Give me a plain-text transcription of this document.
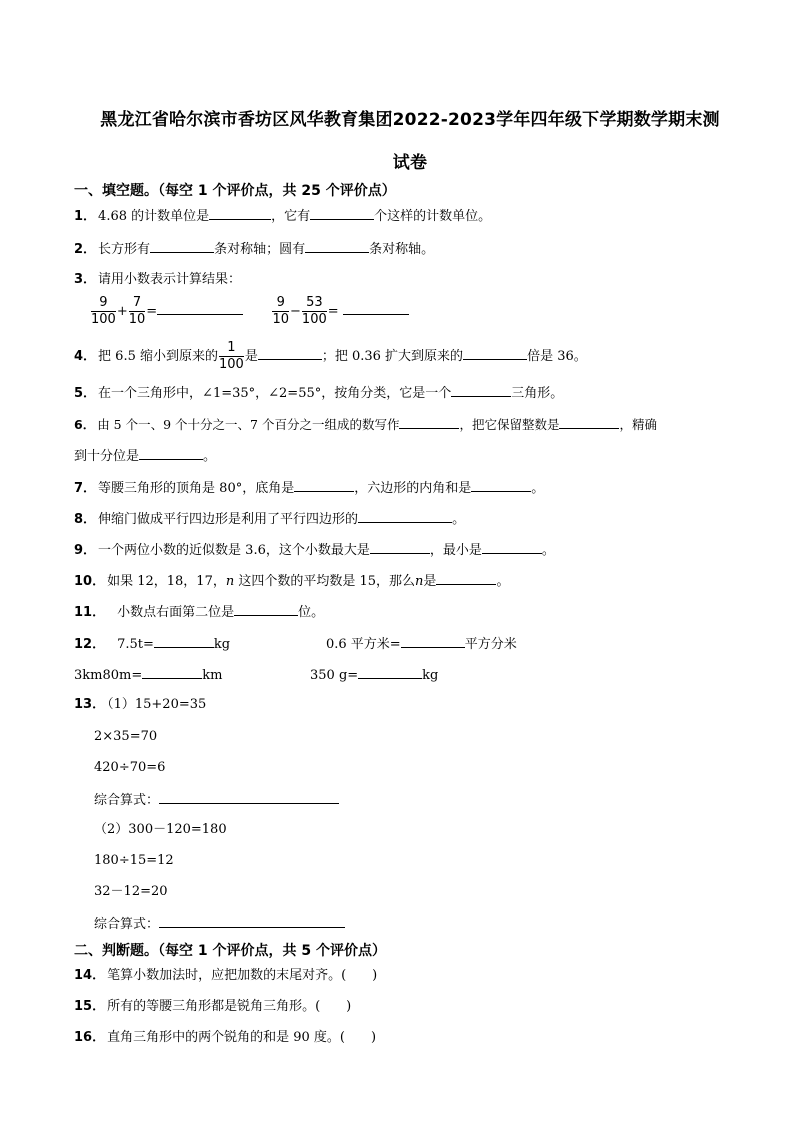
黑龙江省哈尔滨市香坊区风华教育集团2022-2023学年四年级下学期数学期末测
试卷
一、填空题。（每空 1 个评价点，共 25 个评价点）
1． 4.68 的计数单位是	，它有	个这样的计数单位。
2． 长方形有	条对称轴；圆有	条对称轴。
3． 请用小数表示计算结果：
$\frac{9}{100} + \frac{7}{10}$ =	$\frac{9}{10} - \frac{53}{100}$ =
4． 把 6.5 缩小到原来的 $\frac{1}{100}$ 是	；把 0.36 扩大到原来的	倍是 36。
5． 在一个三角形中，∠1=35°，∠2=55°，按角分类，它是一个	三角形。
6． 由 5 个一、9 个十分之一、7 个百分之一组成的数写作	，把它保留整数是	，精确
到十分位是	。
7． 等腰三角形的顶角是 80°，底角是	，六边形的内角和是	。
8． 伸缩门做成平行四边形是利用了平行四边形的	。
9． 一个两位小数的近似数是 3.6，这个小数最大是	，最小是	。
10． 如果 12，18，17，n 这四个数的平均数是 15，那么n是	。
11． 小数点右面第二位是	位。
12． 7.5t=	kg	0.6 平方米=	平方分米
3km80m=	km	350 g=	kg
13． （1）15+20=35
2×35=70
420÷70=6
综合算式：
（2）300－120=180
180÷15=12
32－12=20
综合算式：
二、判断题。（每空 1 个评价点，共 5 个评价点）
14． 笔算小数加法时，应把加数的末尾对齐。(　　)
15． 所有的等腰三角形都是锐角三角形。(　　)
16． 直角三角形中的两个锐角的和是 90 度。(　　)
